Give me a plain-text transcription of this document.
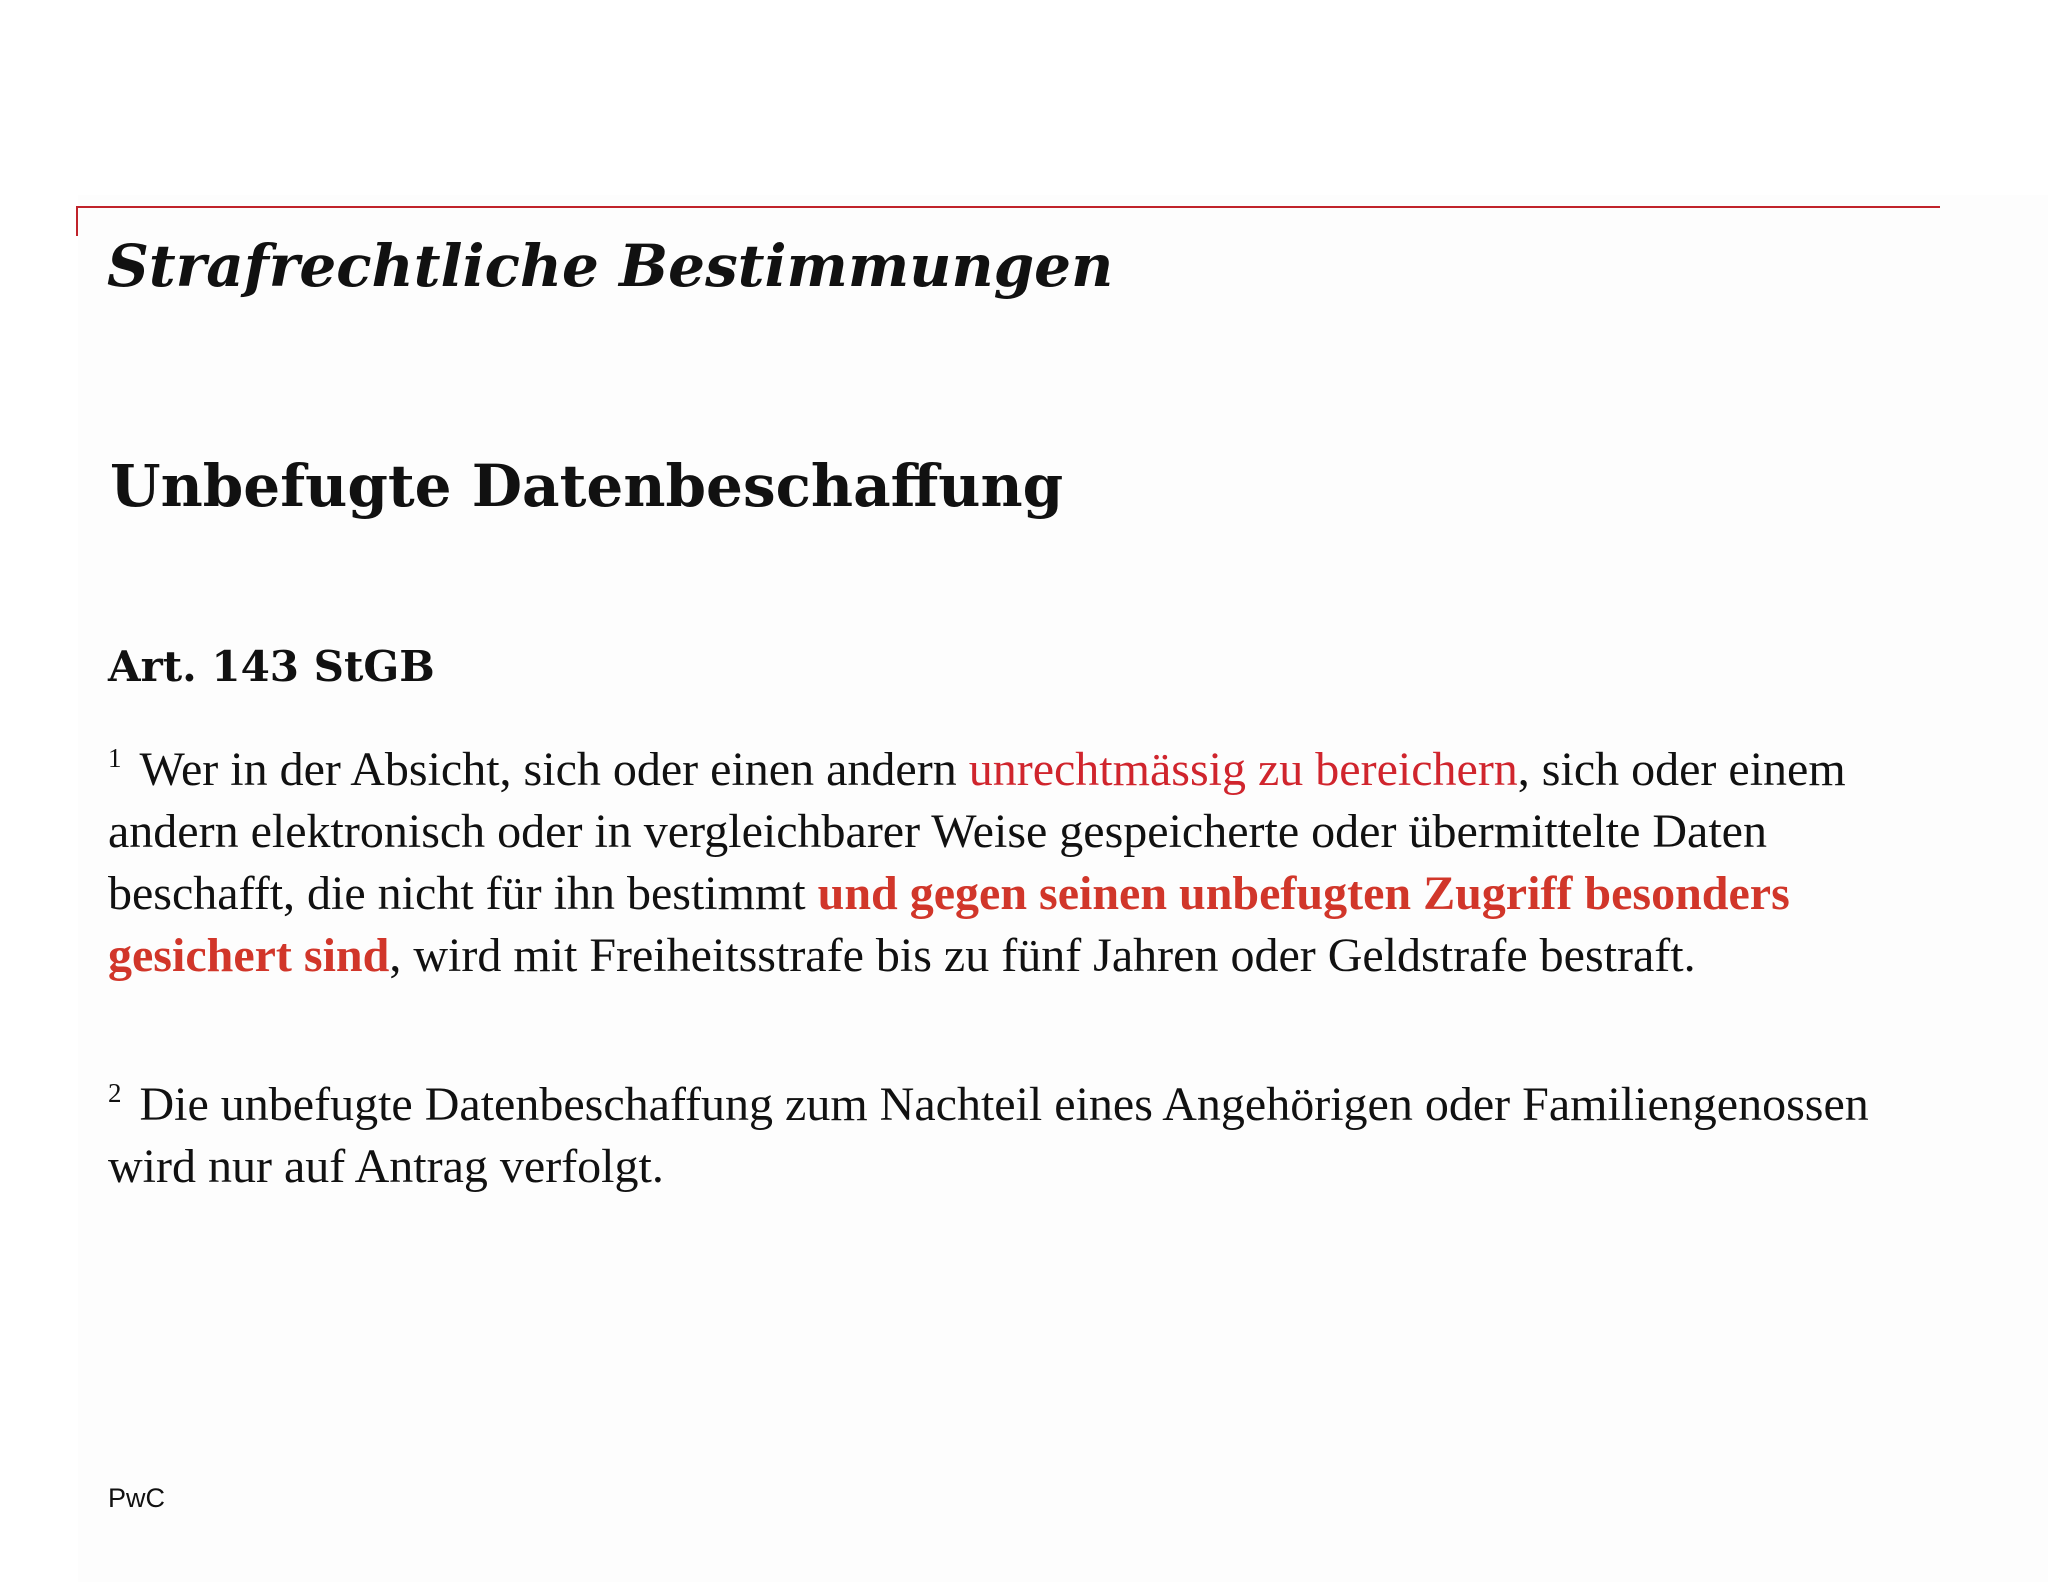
Strafrechtliche Bestimmungen
Unbefugte Datenbeschaffung
Art. 143 StGB

$^1$ Wer in der Absicht, sich oder einen andern unrechtmässig zu bereichern, sich oder einem andern elektronisch oder in vergleichbarer Weise gespeicherte oder übermittelte Daten beschafft, die nicht für ihn bestimmt und gegen seinen unbefugten Zugriff besonders gesichert sind, wird mit Freiheitsstrafe bis zu fünf Jahren oder Geldstrafe bestraft.

$^2$ Die unbefugte Datenbeschaffung zum Nachteil eines Angehörigen oder Familiengenossen wird nur auf Antrag verfolgt.

PwC
